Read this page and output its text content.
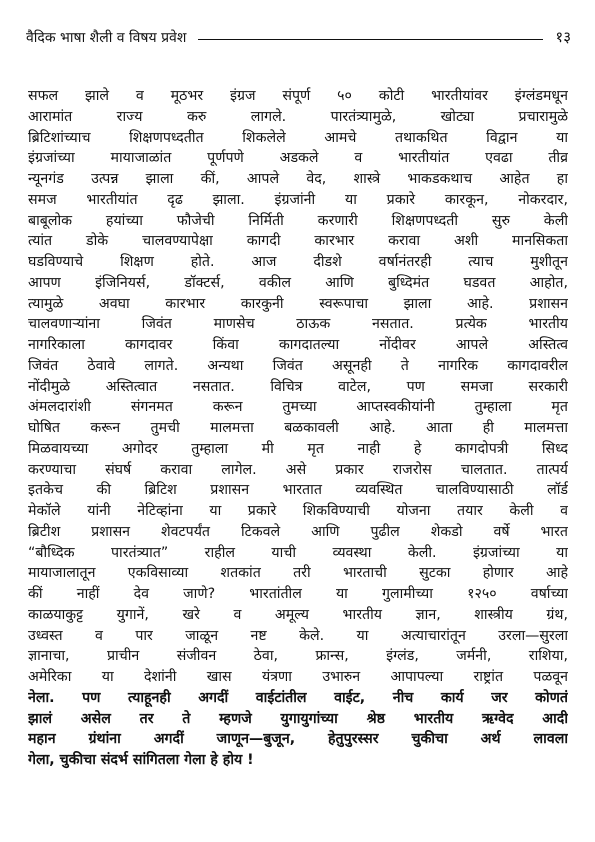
वैदिक भाषा शैली व विषय प्रवेश	१३
सफल झाले व मूठभर इंग्रज संपूर्ण ५० कोटी भारतीयांवर इंग्लंडमधून
आरामांत राज्य करु लागले. पारतंत्र्यामुळे, खोट्या प्रचारामुळे
ब्रिटिशांच्याच शिक्षणपध्दतीत शिकलेले आमचे तथाकथित विद्वान या
इंग्रजांच्या मायाजाळांत पूर्णपणे अडकले व भारतीयांत एवढा तीव्र
न्यूनगंड उत्पन्न झाला कीं, आपले वेद, शास्त्रे भाकडकथाच आहेत हा
समज भारतीयांत दृढ झाला. इंग्रजांनी या प्रकारे कारकून, नोकरदार,
बाबूलोक हयांच्या फौजेची निर्मिती करणारी शिक्षणपध्दती सुरु केली
त्यांत डोके चालवण्यापेक्षा कागदी कारभार करावा अशी मानसिकता
घडविण्याचे शिक्षण होते. आज दीडशे वर्षानंतरही त्याच मुशीतून
आपण इंजिनियर्स, डॉक्टर्स, वकील आणि बुध्दिमंत घडवत आहोत,
त्यामुळे अवघा कारभार कारकुनी स्वरूपाचा झाला आहे. प्रशासन
चालवणाऱ्यांना जिवंत माणसेच ठाऊक नसतात. प्रत्येक भारतीय
नागरिकाला कागदावर किंवा कागदातल्या नोंदीवर आपले अस्तित्व
जिवंत ठेवावे लागते. अन्यथा जिवंत असूनही ते नागरिक कागदावरील
नोंदीमुळे अस्तित्वात नसतात. विचित्र वाटेल, पण समजा सरकारी
अंमलदारांशी संगनमत करून तुमच्या आप्तस्वकीयांनी तुम्हाला मृत
घोषित करून तुमची मालमत्ता बळकावली आहे. आता ही मालमत्ता
मिळवायच्या अगोदर तुम्हाला मी मृत नाही हे कागदोपत्री सिध्द
करण्याचा संघर्ष करावा लागेल. असे प्रकार राजरोस चालतात. तात्पर्य
इतकेच की ब्रिटिश प्रशासन भारतात व्यवस्थित चालविण्यासाठी लॉर्ड
मेकॉले यांनी नेटिव्हांना या प्रकारे शिकविण्याची योजना तयार केली व
ब्रिटीश प्रशासन शेवटपर्यंत टिकवले आणि पुढील शेकडो वर्षे भारत
“बौध्दिक पारतंत्र्यात” राहील याची व्यवस्था केली. इंग्रजांच्या या
मायाजालातून एकविसाव्या शतकांत तरी भारताची सुटका होणार आहे
कीं नाहीं देव जाणे? भारतांतील या गुलामीच्या १२५० वर्षाच्या
काळयाकुट्ट युगानें, खरे व अमूल्य भारतीय ज्ञान, शास्त्रीय ग्रंथ,
उध्वस्त व पार जाळून नष्ट केले. या अत्याचारांतून उरला—सुरला
ज्ञानाचा, प्राचीन संजीवन ठेवा, फ्रान्स, इंग्लंड, जर्मनी, राशिया,
अमेरिका या देशांनी खास यंत्रणा उभारुन आपापल्या राष्ट्रांत पळवून
नेला. पण त्याहूनही अगदीं वाईटांतील वाईट, नीच कार्य जर कोणतं
झालं असेल तर ते म्हणजे युगायुगांच्या श्रेष्ठ भारतीय ऋग्वेद आदी
महान ग्रंथांना अगदीं जाणून—बुजून, हेतुपुरस्सर चुकीचा अर्थ लावला
गेला, चुकीचा संदर्भ सांगितला गेला हे होय !
